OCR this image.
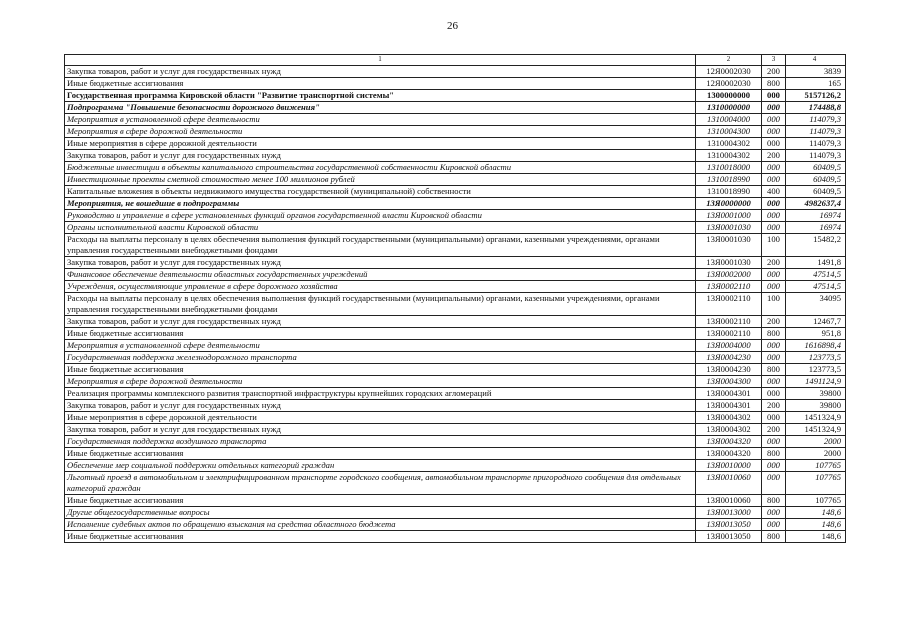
26
1	2	3	4
Закупка товаров, работ и услуг для государственных нужд	12Я0002030	200	3839
Иные бюджетные ассигнования	12Я0002030	800	165
Государственная программа Кировской области "Развитие транспортной системы"	1300000000	000	5157126,2
Подпрограмма "Повышение безопасности дорожного движения"	1310000000	000	174488,8
Мероприятия в установленной сфере деятельности	1310004000	000	114079,3
Мероприятия в сфере дорожной деятельности	1310004300	000	114079,3
Иные мероприятия в сфере дорожной деятельности	1310004302	000	114079,3
Закупка товаров, работ и услуг для государственных нужд	1310004302	200	114079,3
Бюджетные инвестиции в объекты капитального строительства государственной собственности Кировской области	1310018000	000	60409,5
Инвестиционные проекты сметной стоимостью менее 100 миллионов рублей	1310018990	000	60409,5
Капитальные вложения в объекты недвижимого имущества государственной (муниципальной) собственности	1310018990	400	60409,5
Мероприятия, не вошедшие в подпрограммы	13Я0000000	000	4982637,4
Руководство и управление в сфере установленных функций органов государственной власти Кировской области	13Я0001000	000	16974
Органы исполнительной власти Кировской области	13Я0001030	000	16974
Расходы на выплаты персоналу в целях обеспечения выполнения функций государственными (муниципальными) органами, казенными учреждениями, органами управления государственными внебюджетными фондами	13Я0001030	100	15482,2
Закупка товаров, работ и услуг для государственных нужд	13Я0001030	200	1491,8
Финансовое обеспечение деятельности областных государственных учреждений	13Я0002000	000	47514,5
Учреждения, осуществляющие управление в сфере дорожного хозяйства	13Я0002110	000	47514,5
Расходы на выплаты персоналу в целях обеспечения выполнения функций государственными (муниципальными) органами, казенными учреждениями, органами управления государственными внебюджетными фондами	13Я0002110	100	34095
Закупка товаров, работ и услуг для государственных нужд	13Я0002110	200	12467,7
Иные бюджетные ассигнования	13Я0002110	800	951,8
Мероприятия в установленной сфере деятельности	13Я0004000	000	1616898,4
Государственная поддержка железнодорожного транспорта	13Я0004230	000	123773,5
Иные бюджетные ассигнования	13Я0004230	800	123773,5
Мероприятия в сфере дорожной деятельности	13Я0004300	000	1491124,9
Реализация программы комплексного развития транспортной инфраструктуры крупнейших городских агломераций	13Я0004301	000	39800
Закупка товаров, работ и услуг для государственных нужд	13Я0004301	200	39800
Иные мероприятия в сфере дорожной деятельности	13Я0004302	000	1451324,9
Закупка товаров, работ и услуг для государственных нужд	13Я0004302	200	1451324,9
Государственная поддержка воздушного транспорта	13Я0004320	000	2000
Иные бюджетные ассигнования	13Я0004320	800	2000
Обеспечение мер социальной поддержки отдельных категорий граждан	13Я0010000	000	107765
Льготный проезд в автомобильном и электрифицированном транспорте городского сообщения, автомобильном транспорте пригородного сообщения для отдельных категорий граждан	13Я0010060	000	107765
Иные бюджетные ассигнования	13Я0010060	800	107765
Другие общегосударственные вопросы	13Я0013000	000	148,6
Исполнение судебных актов по обращению взыскания на средства областного бюджета	13Я0013050	000	148,6
Иные бюджетные ассигнования	13Я0013050	800	148,6
